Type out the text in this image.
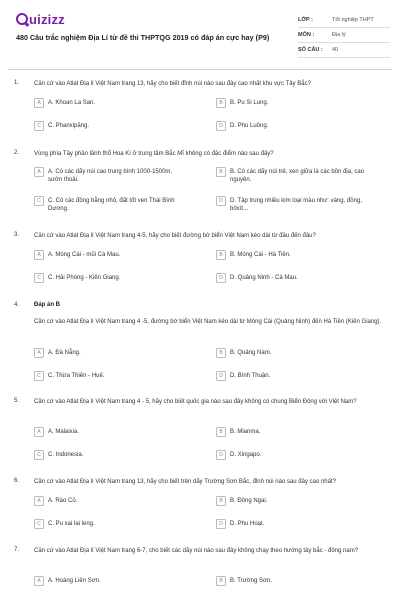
uizizz
480 Câu trắc nghiệm Địa Lí từ đề thi THPTQG 2019 có đáp án cực hay (P9)
LỚP :	Tốt nghiệp THPT
MÔN :	Địa lý
SỐ CÂU :	40
1. Căn cứ vào Atlat Địa lí Việt Nam trang 13, hãy cho biết đỉnh núi nào sau đây cao nhất khu vực Tây Bắc?
A	A. Khoan La San.	B	B. Pu Si Lung.
C	C. Phanxipăng.	D	D. Phu Luông.
2. Vùng phía Tây phần lãnh thổ Hoa Kì ở trung tâm Bắc Mĩ không có đặc điểm nào sau đây?
A	A. Có các dãy núi cao trung bình 1000-1500m, sườn thoải.
B	B. Có các dãy núi trẻ, xen giữa là các bồn địa, cao nguyên.
C	C. Có các đồng bằng nhỏ, đất tốt ven Thái Bình Dương.
D	D. Tập trung nhiều kim loại màu như: vàng, đồng, bôxít...
3. Căn cứ vào Atlat Địa lí Việt Nam trang 4-5, hãy cho biết đường bờ biển Việt Nam kéo dài từ đâu đến đâu?
A	A. Móng Cái - mũi Cà Mau.	B	B. Móng Cái - Hà Tiên.
C	C. Hải Phòng - Kiên Giang.	D	D. Quảng Ninh - Cà Mau.
4. Đáp án B
Căn cứ vào Atlat Địa lí Việt Nam trang 4 -5, đường bờ biển Việt Nam kéo dài từ Móng Cái (Quảng Ninh) đến Hà Tiên (Kiên Giang).
A	A. Đà Nẵng.	B	B. Quảng Nam.
C	C. Thừa Thiên - Huế.	D	D. Bình Thuận.
5. Căn cứ vào Atlat Địa lí Việt Nam trang 4 - 5, hãy cho biết quốc gia nào sau đây không có chung Biển Đông với Việt Nam?
A	A. Malaixia.	B	B. Mianma.
C	C. Indonesia.	D	D. Xingapo.
6. Căn cứ vào Atlat Địa lí Việt Nam trang 13, hãy cho biết trên dãy Trường Sơn Bắc, đỉnh núi nào sau đây cao nhất?
A	A. Rào Cỏ.	B	B. Đông Ngai.
C	C. Pu xai lai leng.	D	D. Phu Hoạt.
7. Căn cứ vào Atlat Địa lí Việt Nam trang 6-7, cho biết các dãy núi nào sau đây không chạy theo hướng tây bắc - đông nam?
A	A. Hoàng Liên Sơn.	B	B. Trường Sơn.
